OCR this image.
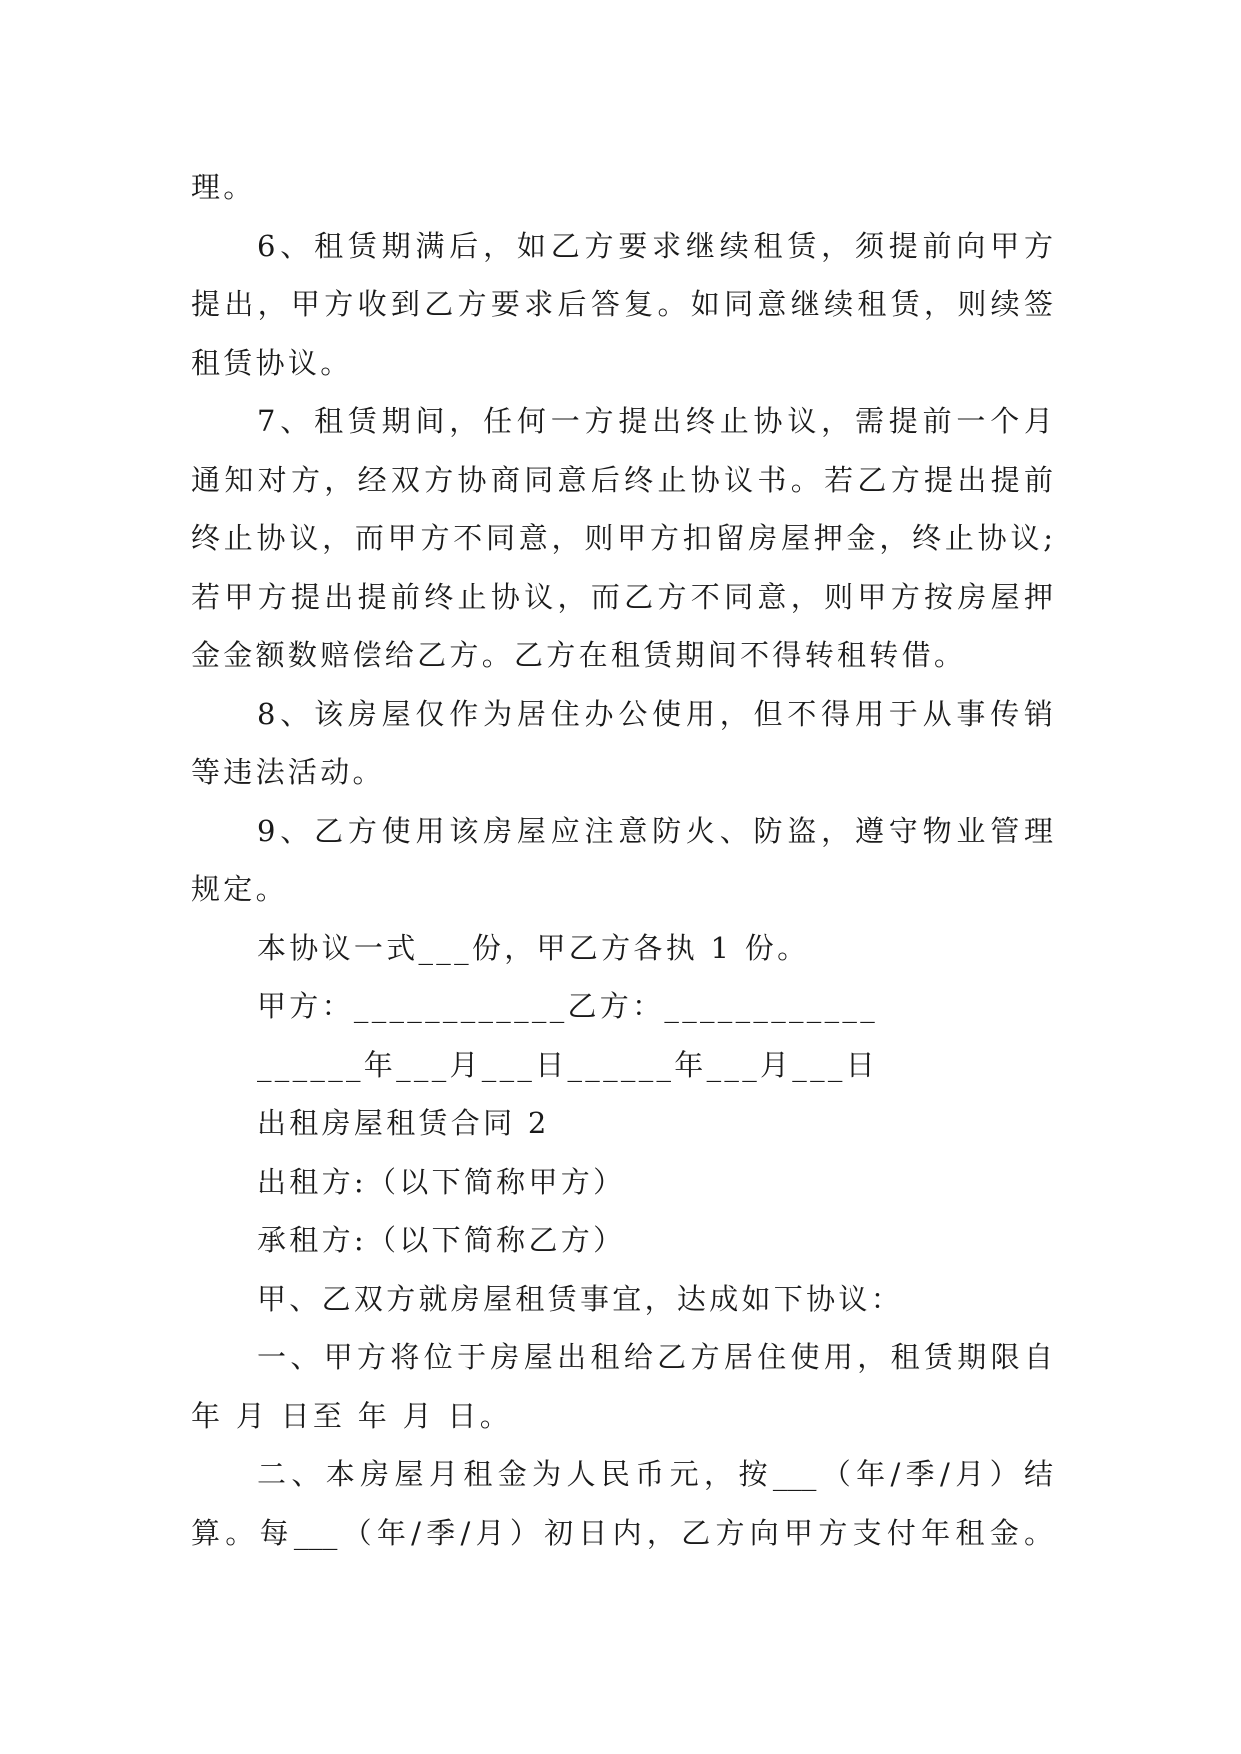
理。
6、租赁期满后，如乙方要求继续租赁，须提前向甲方
提出，甲方收到乙方要求后答复。如同意继续租赁，则续签
租赁协议。
7、租赁期间，任何一方提出终止协议，需提前一个月
通知对方，经双方协商同意后终止协议书。若乙方提出提前
终止协议，而甲方不同意，则甲方扣留房屋押金，终止协议;
若甲方提出提前终止协议，而乙方不同意，则甲方按房屋押
金金额数赔偿给乙方。乙方在租赁期间不得转租转借。
8、该房屋仅作为居住办公使用，但不得用于从事传销
等违法活动。
9、乙方使用该房屋应注意防火、防盗，遵守物业管理
规定。
本协议一式___份，甲乙方各执 1 份。
甲方：____________乙方：____________
______年___月___日______年___月___日
出租房屋租赁合同 2
出租方:（以下简称甲方）
承租方:（以下简称乙方）
甲、乙双方就房屋租赁事宜，达成如下协议：
一、甲方将位于房屋出租给乙方居住使用，租赁期限自
年 月 日至 年 月 日。
二、本房屋月租金为人民币元，按___（年/季/月）结
算。每___（年/季/月）初日内，乙方向甲方支付年租金。
